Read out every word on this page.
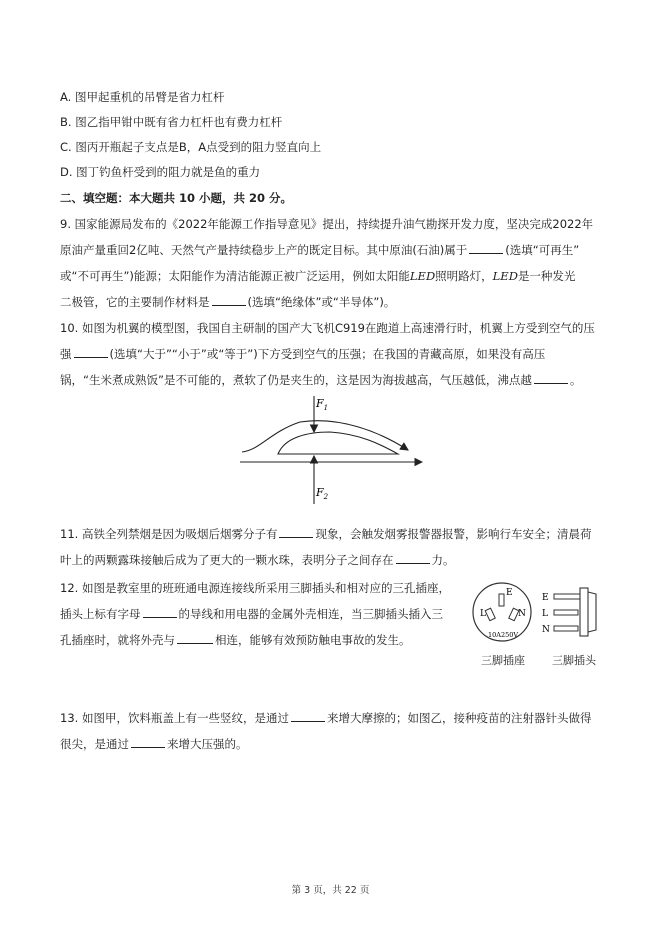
A. 图甲起重机的吊臂是省力杠杆
B. 图乙指甲钳中既有省力杠杆也有费力杠杆
C. 图丙开瓶起子支点是B，A点受到的阻力竖直向上
D. 图丁钓鱼杆受到的阻力就是鱼的重力
二、填空题：本大题共 10 小题，共 20 分。
9. 国家能源局发布的《2022年能源工作指导意见》提出，持续提升油气勘探开发力度，坚决完成2022年
原油产量重回2亿吨、天然气产量持续稳步上产的既定目标。其中原油(石油)属于	(选填“可再生”
或“不可再生”)能源；太阳能作为清洁能源正被广泛运用，例如太阳能LED照明路灯，LED是一种发光
二极管，它的主要制作材料是	(选填“绝缘体”或“半导体”)。
10. 如图为机翼的模型图，我国自主研制的国产大飞机C919在跑道上高速滑行时，机翼上方受到空气的压
强	(选填“大于”“小于”或“等于”)下方受到空气的压强；在我国的青藏高原，如果没有高压
锅，“生米煮成熟饭”是不可能的，煮软了仍是夹生的，这是因为海拔越高，气压越低，沸点越	。
$F_1$
$F_2$
11. 高铁全列禁烟是因为吸烟后烟雾分子有	现象，会触发烟雾报警器报警，影响行车安全；清晨荷
叶上的两颗露珠接触后成为了更大的一颗水珠，表明分子之间存在	力。
12. 如图是教室里的班班通电源连接线所采用三脚插头和相对应的三孔插座，
插头上标有字母	的导线和用电器的金属外壳相连，当三脚插头插入三
孔插座时，就将外壳与	相连，能够有效预防触电事故的发生。
E
L	N
10A250V
三脚插座
E
L
N
三脚插头
13. 如图甲，饮料瓶盖上有一些竖纹，是通过	来增大摩擦的；如图乙，接种疫苗的注射器针头做得
很尖，是通过	来增大压强的。
第 3 页，共 22 页
